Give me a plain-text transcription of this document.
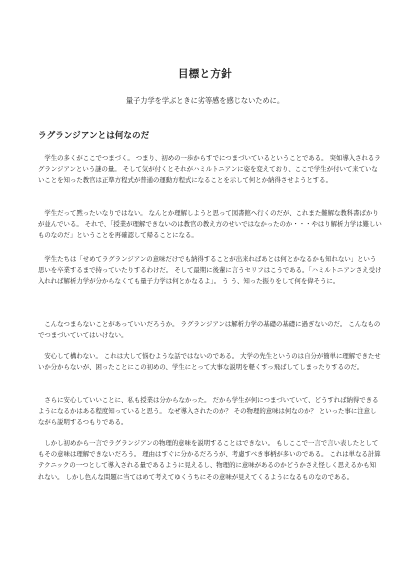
目標と方針

量子力学を学ぶときに劣等感を感じないために。

ラグランジアンとは何なのだ

　学生の多くがここでつまづく。 つまり、初めの一歩からすでにつまづいているということである。 突如導入されるラグランジアンという謎の量。 そして気が付くとそれがハミルトニアンに姿を変えており、ここで学生が付いて来ていないことを知った教官は正準方程式が普通の運動方程式になることを示して何とか納得させようとする。

　学生だって黙ったいなりではない。 なんとか理解しようと思って図書館へ行くのだが、これまた難解な教科書ばかりが並んでいる。 それで、「授業が理解できないのは教官の教え方のせいではなかったのか・・・やはり解析力学は難しいものなのだ」ということを再確認して帰ることになる。

　学生たちは「せめてラグランジアンの意味だけでも納得することが出来ればあとは何とかなるかも知れない」という思いを卒業するまで持っていたりするわけだ。 そして最期に後輩に言うセリフはこうである。「ハミルトニアンさえ受け入れれば解析力学が分からなくても量子力学は何とかなるよ」。 う う、知った振りをして何を偉そうに。

　こんなつまらないことがあっていいだろうか。 ラグランジアンは解析力学の基礎の基礎に過ぎないのだ。 こんなものでつまづいていてはいけない。

　安心して構わない。 これは大して悩むような話ではないのである。 大学の先生というのは自分が簡単に理解できたせいか分からないが、困ったことにこの初めの、学生にとって大事な説明を軽くすっ飛ばしてしまったりするのだ。

　さらに安心していいことに、私も授業は分からなかった。 だから学生が何につまづいていて、どうすれば納得できるようになるかはある程度知っていると思う。 なぜ導入されたのか？ その物理的意味は何なのか？ といった事に注意しながら説明するつもりである。

　しかし初めから一言でラグランジアンの物理的意味を説明することはできない。 もしここで一言で言い表したとしてもその意味は理解できないだろう。 理由はすぐに分かるだろうが、考慮すべき事柄が多いのである。 これは単なる計算テクニックの一つとして導入される量であるように見えるし、物理的に意味があるのかどうかさえ怪しく思えるかも知れない。 しかし色んな問題に当てはめて考えてゆくうちにその意味が見えてくるようになるものなのである。
